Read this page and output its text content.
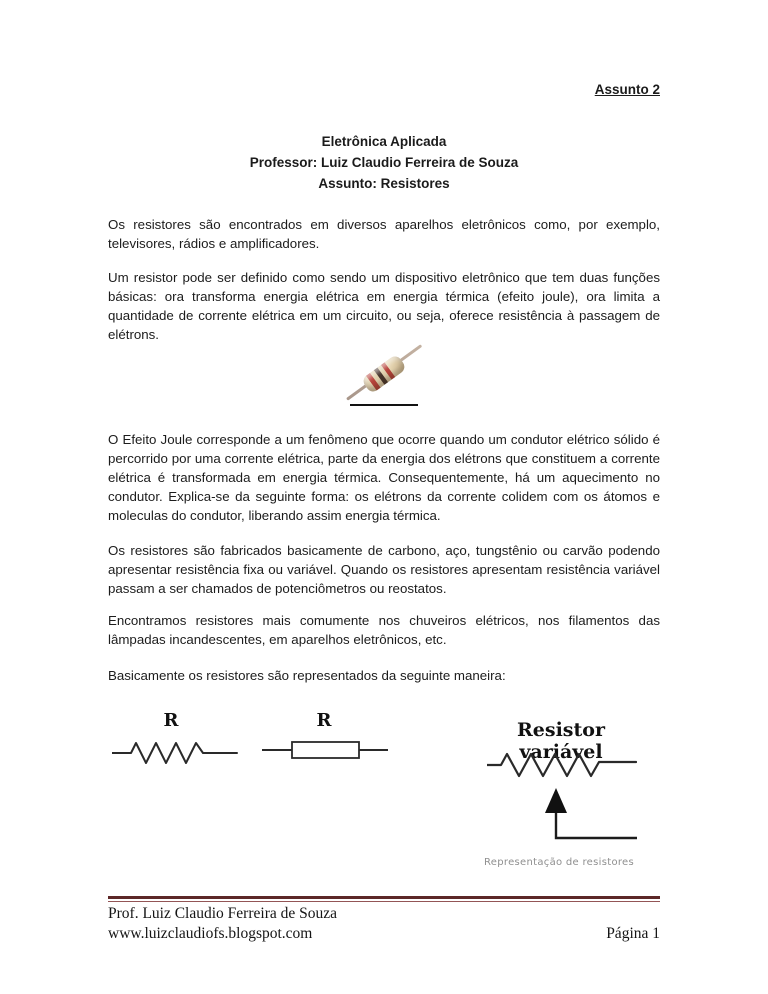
Assunto 2
Eletrônica Aplicada
Professor: Luiz Claudio Ferreira de Souza
Assunto: Resistores

Os resistores são encontrados em diversos aparelhos eletrônicos como, por exemplo, televisores, rádios e amplificadores.

Um resistor pode ser definido como sendo um dispositivo eletrônico que tem duas funções básicas: ora transforma energia elétrica em energia térmica (efeito joule), ora limita a quantidade de corrente elétrica em um circuito, ou seja, oferece resistência à passagem de elétrons.

O Efeito Joule corresponde a um fenômeno que ocorre quando um condutor elétrico sólido é percorrido por uma corrente elétrica, parte da energia dos elétrons que constituem a corrente elétrica é transformada em energia térmica. Consequentemente, há um aquecimento no condutor. Explica-se da seguinte forma: os elétrons da corrente colidem com os átomos e moleculas do condutor, liberando assim energia térmica.

Os resistores são fabricados basicamente de carbono, aço, tungstênio ou carvão podendo apresentar resistência fixa ou variável. Quando os resistores apresentam resistência variável passam a ser chamados de potenciômetros ou reostatos.

Encontramos resistores mais comumente nos chuveiros elétricos, nos filamentos das lâmpadas incandescentes, em aparelhos eletrônicos, etc.

Basicamente os resistores são representados da seguinte maneira:

R	R	Resistor variável
Representação de resistores
Prof. Luiz Claudio Ferreira de Souza
www.luizclaudiofs.blogspot.com	Página 1
